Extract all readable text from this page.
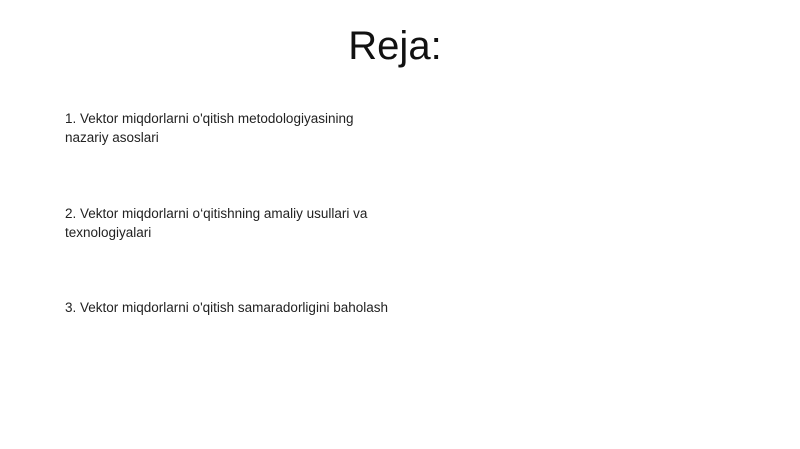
Reja:
1. Vektor miqdorlarni o'qitish metodologiyasining nazariy asoslari
2. Vektor miqdorlarni o‘qitishning amaliy usullari va texnologiyalari
3. Vektor miqdorlarni o'qitish samaradorligini baholash
